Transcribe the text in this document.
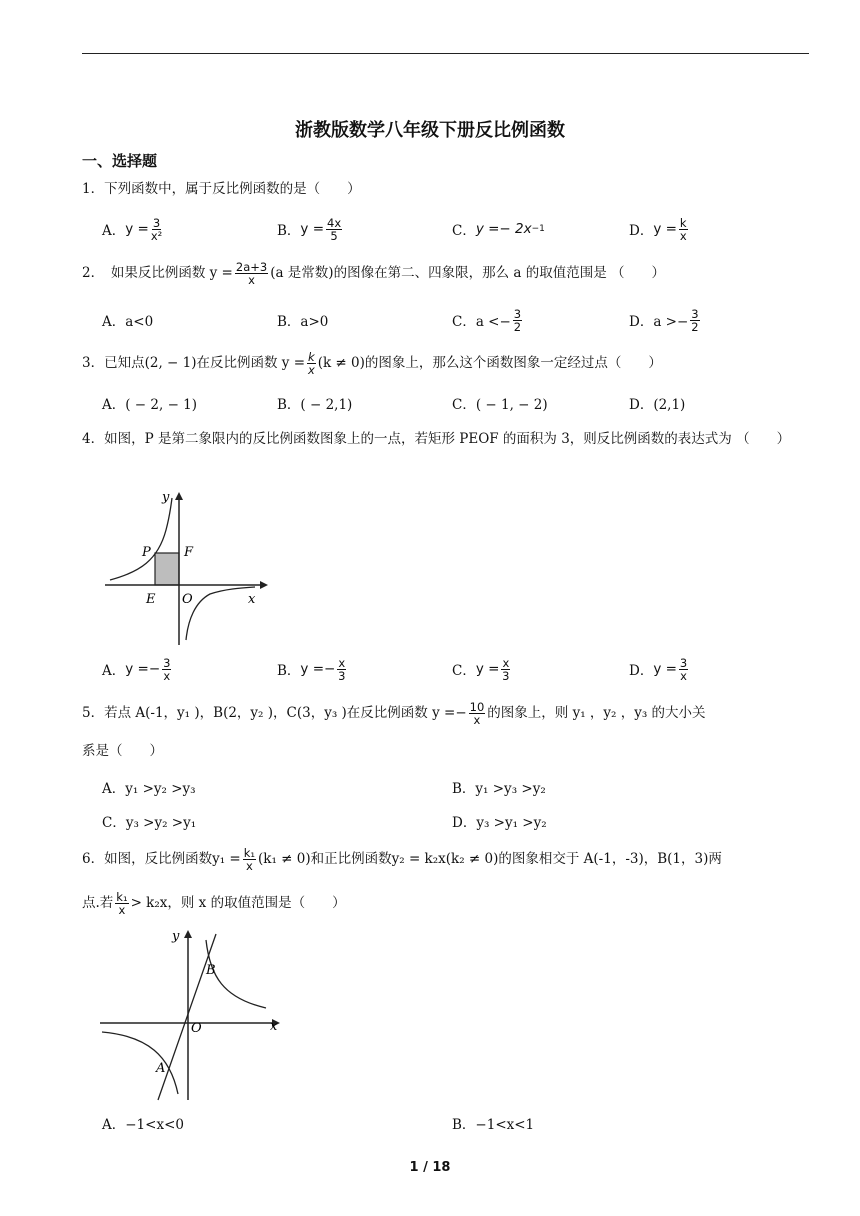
浙教版数学八年级下册反比例函数
一、选择题
1．下列函数中，属于反比例函数的是（　　）
A． $y = \frac{3}{\text{x²}}$	B． $y = \frac{4x}{5}$	C． y =− 2x −1	D． $y = \frac{k}{x}$
2．　如果反比例函数 $y = \frac{2a+3}{x} (a$ 是常数)的图像在第二、四象限，那么 a 的取值范围是 （　　）
A．a<0	B．a>0	C．$a <- \frac{3}{2}$	D．$a >- \frac{3}{2}$
3．已知点(2, − 1)在反比例函数 $y = \frac{k}{x} (k \ne 0)$的图象上，那么这个函数图象一定经过点（　　）
A．( − 2, − 1)	B．( − 2,1)	C．( − 1, − 2)	D．(2,1)
4．如图，P 是第二象限内的反比例函数图象上的一点，若矩形 PEOF 的面积为 3，则反比例函数的表达式为 （　　）
y
x
P	F
E O
A． $y =- \frac{3}{x}$	B． $y =- \frac{x}{3}$	C． $y = \frac{x}{3}$	D． $y = \frac{3}{x}$
5．若点 A(-1，y₁ )，B(2，y₂ )，C(3，y₃ )在反比例函数 $y =- \frac{10}{x}$ 的图象上，则 y₁ ，y₂ ，y₃ 的大小关
系是（　　）
A．y₁ >y₂ >y₃	B．y₁ >y₃ >y₂
C．y₃ >y₂ >y₁	D．y₃ >y₁ >y₂
6．如图，反比例函数$y_1 = \frac{\text{k₁}}{x} (k_1 \ne 0)$和正比例函数y₂ = k₂x(k₂ ≠ 0)的图象相交于 A(-1，-3)，B(1，3)两
点.若 $\frac{\text{k₁}}{x} > k_2x$，则 x 的取值范围是（　　）
y
x
O
B
A
A．−1<x<0	B．−1<x<1
1 / 18
